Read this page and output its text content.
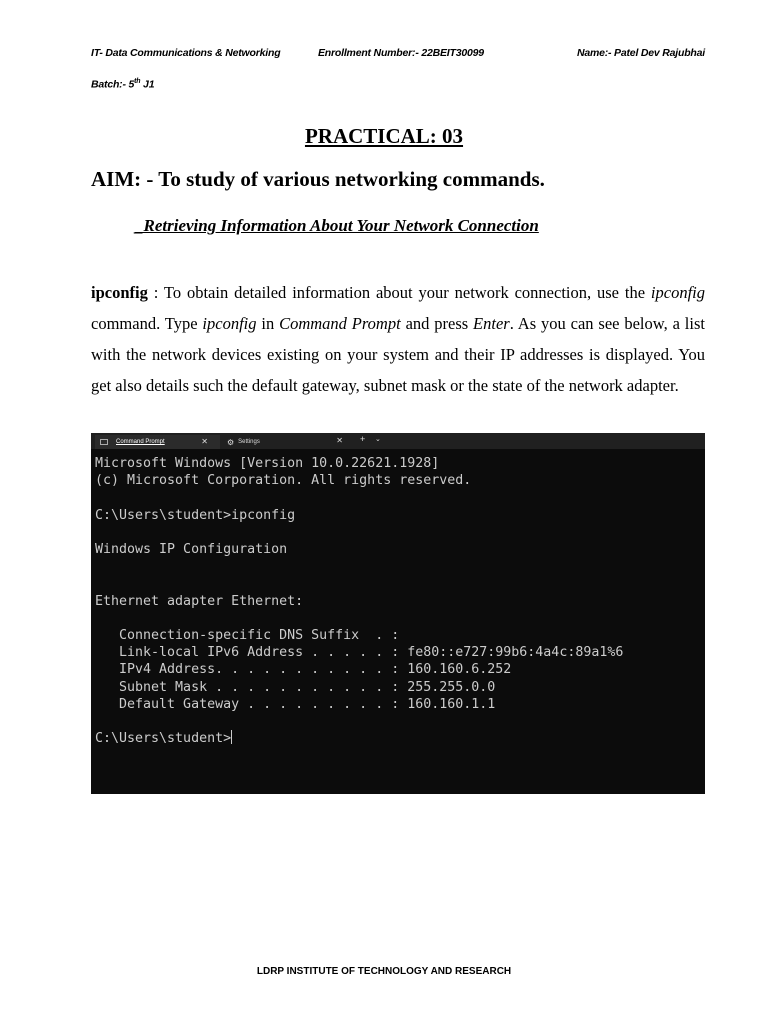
IT- Data Communications & Networking	Enrollment Number:- 22BEIT30099	Name:- Patel Dev Rajubhai
Batch:- 5th J1
PRACTICAL: 03
AIM: - To study of various networking commands.
_Retrieving Information About Your Network Connection
ipconfig : To obtain detailed information about your network connection, use the ipconfig command. Type ipconfig in Command Prompt and press Enter. As you can see below, a list with the network devices existing on your system and their IP addresses is displayed. You get also details such the default gateway, subnet mask or the state of the network adapter.
Command Prompt	✕ ⚙ Settings	✕ + ⌄
Microsoft Windows [Version 10.0.22621.1928]
(c) Microsoft Corporation. All rights reserved.

C:\Users\student>ipconfig

Windows IP Configuration

Ethernet adapter Ethernet:

Connection-specific DNS Suffix  . :
Link-local IPv6 Address . . . . . : fe80::e727:99b6:4a4c:89a1%6
IPv4 Address. . . . . . . . . . . : 160.160.6.252
Subnet Mask . . . . . . . . . . . : 255.255.0.0
Default Gateway . . . . . . . . . : 160.160.1.1

C:\Users\student>
LDRP INSTITUTE OF TECHNOLOGY AND RESEARCH
